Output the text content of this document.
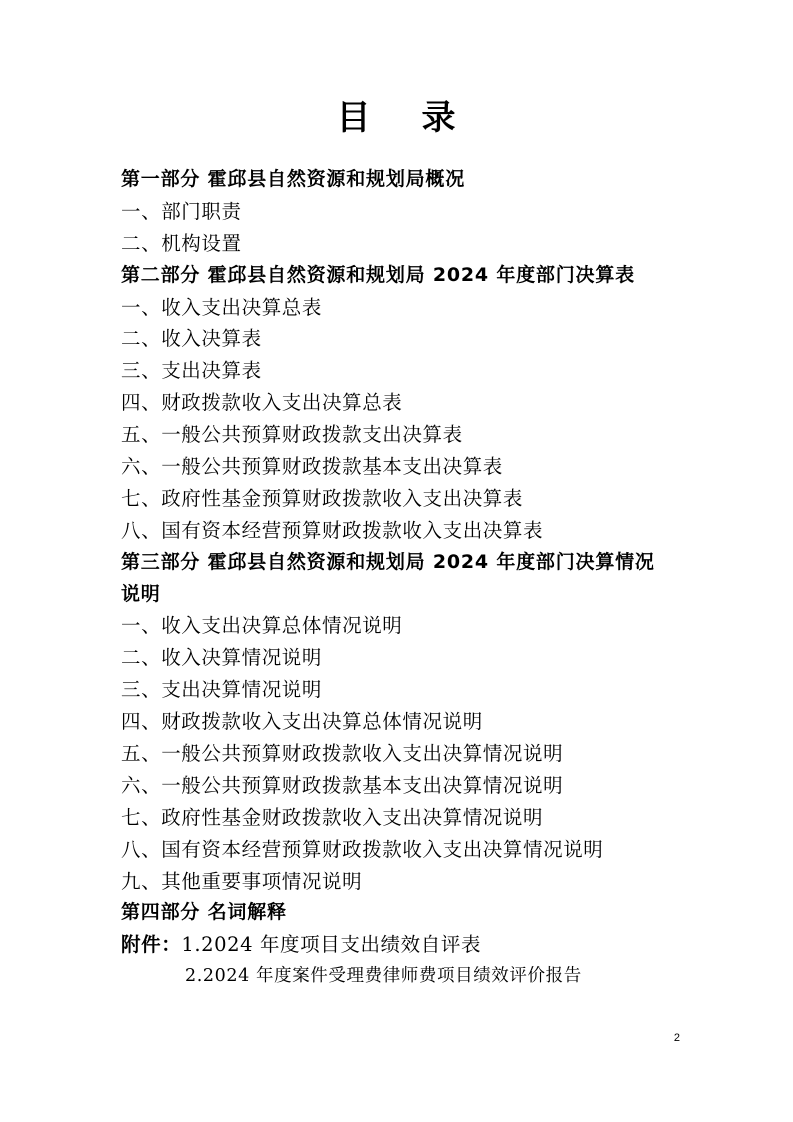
目 录
第一部分 霍邱县自然资源和规划局概况
一、部门职责
二、机构设置
第二部分 霍邱县自然资源和规划局 2024 年度部门决算表
一、收入支出决算总表
二、收入决算表
三、支出决算表
四、财政拨款收入支出决算总表
五、一般公共预算财政拨款支出决算表
六、一般公共预算财政拨款基本支出决算表
七、政府性基金预算财政拨款收入支出决算表
八、国有资本经营预算财政拨款收入支出决算表
第三部分 霍邱县自然资源和规划局 2024 年度部门决算情况
说明
一、收入支出决算总体情况说明
二、收入决算情况说明
三、支出决算情况说明
四、财政拨款收入支出决算总体情况说明
五、一般公共预算财政拨款收入支出决算情况说明
六、一般公共预算财政拨款基本支出决算情况说明
七、政府性基金财政拨款收入支出决算情况说明
八、国有资本经营预算财政拨款收入支出决算情况说明
九、其他重要事项情况说明
第四部分 名词解释
附件：1.2024 年度项目支出绩效自评表
2.2024 年度案件受理费律师费项目绩效评价报告
2
